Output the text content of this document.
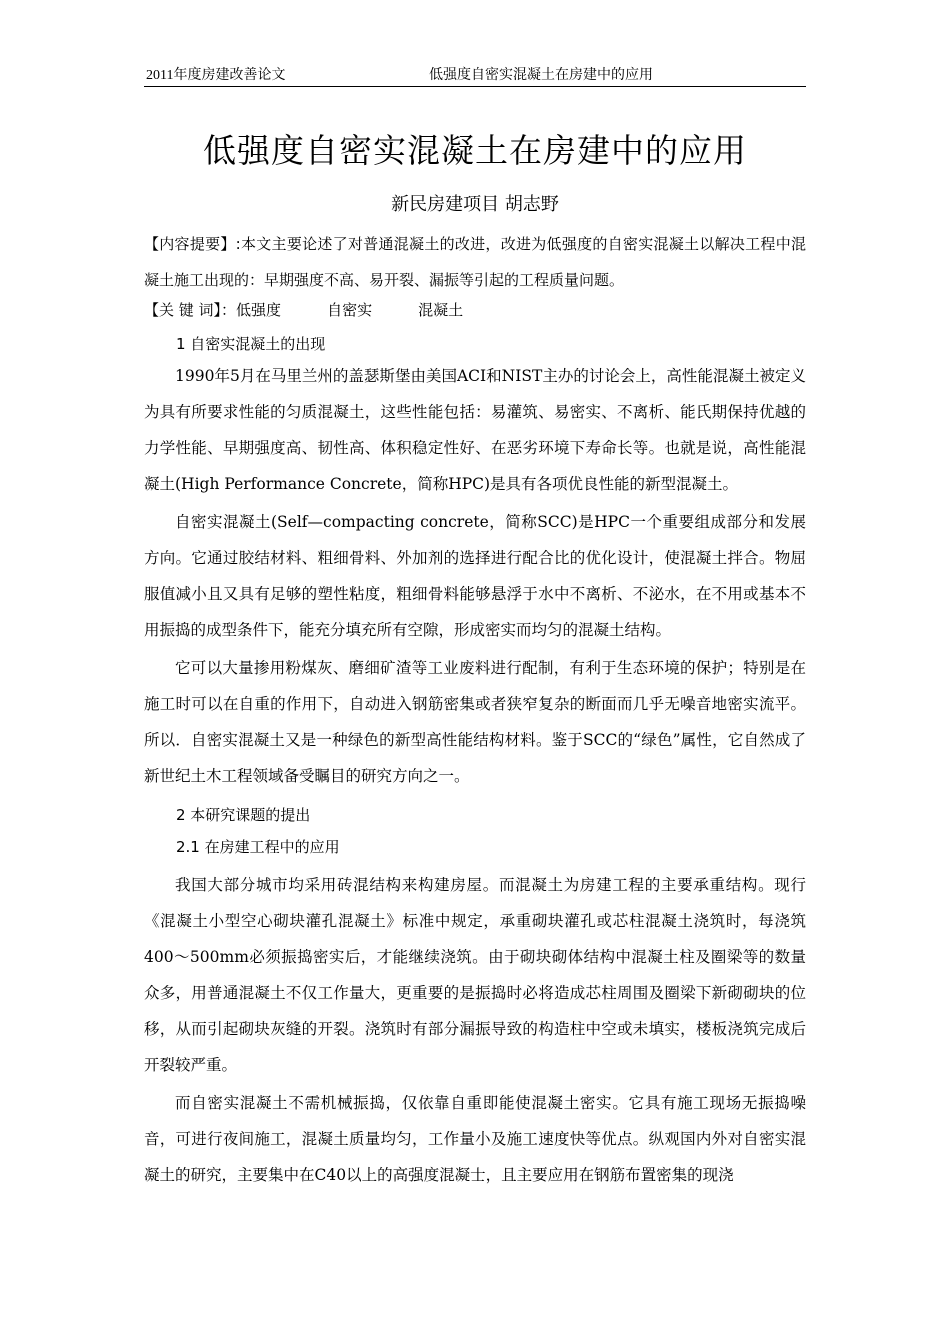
2011年度房建改善论文	低强度自密实混凝土在房建中的应用
低强度自密实混凝土在房建中的应用
新民房建项目 胡志野
【内容提要】:本文主要论述了对普通混凝土的改进，改进为低强度的自密实混凝土以解决工程中混凝土施工出现的：早期强度不高、易开裂、漏振等引起的工程质量问题。
【关 键 词】：低强度	自密实	混凝土
1 自密实混凝土的出现

1990年5月在马里兰州的盖瑟斯堡由美国ACI和NIST主办的讨论会上，高性能混凝土被定义为具有所要求性能的匀质混凝土，这些性能包括：易灌筑、易密实、不离析、能氏期保持优越的力学性能、早期强度高、韧性高、体积稳定性好、在恶劣环境下寿命长等。也就是说，高性能混凝土(High Performance Concrete，简称HPC)是具有各项优良性能的新型混凝土。

自密实混凝土(Self—compacting concrete，简称SCC)是HPC一个重要组成部分和发展方向。它通过胶结材料、粗细骨料、外加剂的选择进行配合比的优化设计，使混凝土拌合。物屈服值减小且又具有足够的塑性粘度，粗细骨料能够悬浮于水中不离析、不泌水，在不用或基本不用振捣的成型条件下，能充分填充所有空隙，形成密实而均匀的混凝土结构。

它可以大量掺用粉煤灰、磨细矿渣等工业废料进行配制，有利于生态环境的保护；特别是在施工时可以在自重的作用下，自动进入钢筋密集或者狭窄复杂的断面而几乎无噪音地密实流平。所以．自密实混凝土又是一种绿色的新型高性能结构材料。鉴于SCC的“绿色”属性，它自然成了新世纪土木工程领域备受瞩目的研究方向之一。

2 本研究课题的提出
2.1 在房建工程中的应用

我国大部分城市均采用砖混结构来构建房屋。而混凝土为房建工程的主要承重结构。现行《混凝土小型空心砌块灌孔混凝土》标准中规定，承重砌块灌孔或芯柱混凝土浇筑时，每浇筑400～500mm必须振捣密实后，才能继续浇筑。由于砌块砌体结构中混凝土柱及圈梁等的数量众多，用普通混凝土不仅工作量大，更重要的是振捣时必将造成芯柱周围及圈梁下新砌砌块的位移，从而引起砌块灰缝的开裂。浇筑时有部分漏振导致的构造柱中空或未填实，楼板浇筑完成后开裂较严重。

而自密实混凝土不需机械振捣，仅依靠自重即能使混凝土密实。它具有施工现场无振捣噪音，可进行夜间施工，混凝土质量均匀，工作量小及施工速度快等优点。纵观国内外对自密实混凝土的研究，主要集中在C40以上的高强度混凝士，且主要应用在钢筋布置密集的现浇
